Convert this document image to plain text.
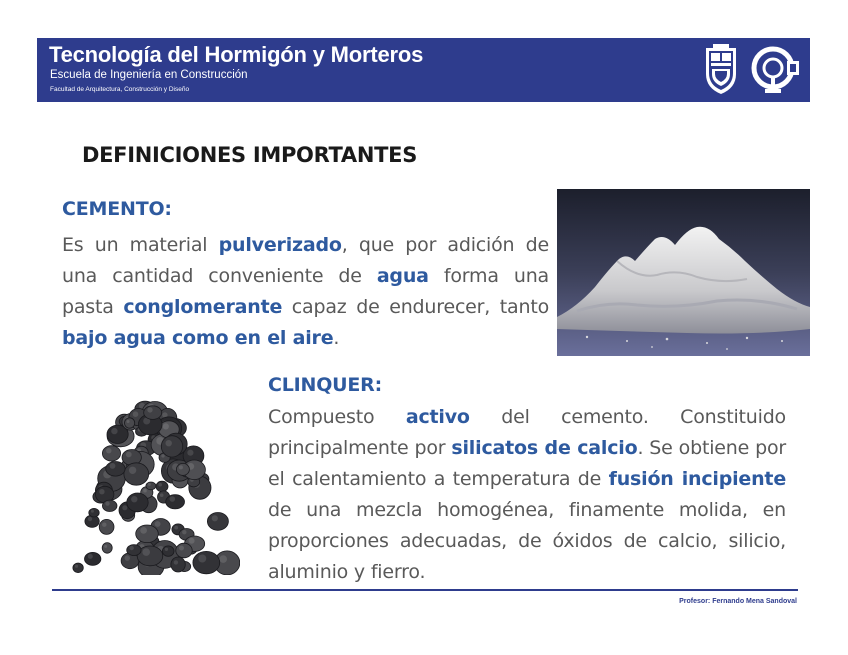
Tecnología del Hormigón y Morteros
Escuela de Ingeniería en Construcción
Facultad de Arquitectura, Construcción y Diseño
DEFINICIONES IMPORTANTES
CEMENTO:

Es un material pulverizado, que por adición de una cantidad conveniente de agua forma una pasta conglomerante capaz de endurecer, tanto bajo agua como en el aire.

CLINQUER:

Compuesto activo del cemento. Constituido principalmente por silicatos de calcio. Se obtiene por el calentamiento a temperatura de fusión incipiente de una mezcla homogénea, finamente molida, en proporciones adecuadas, de óxidos de calcio, silicio, aluminio y fierro.

Profesor: Fernando Mena Sandoval
